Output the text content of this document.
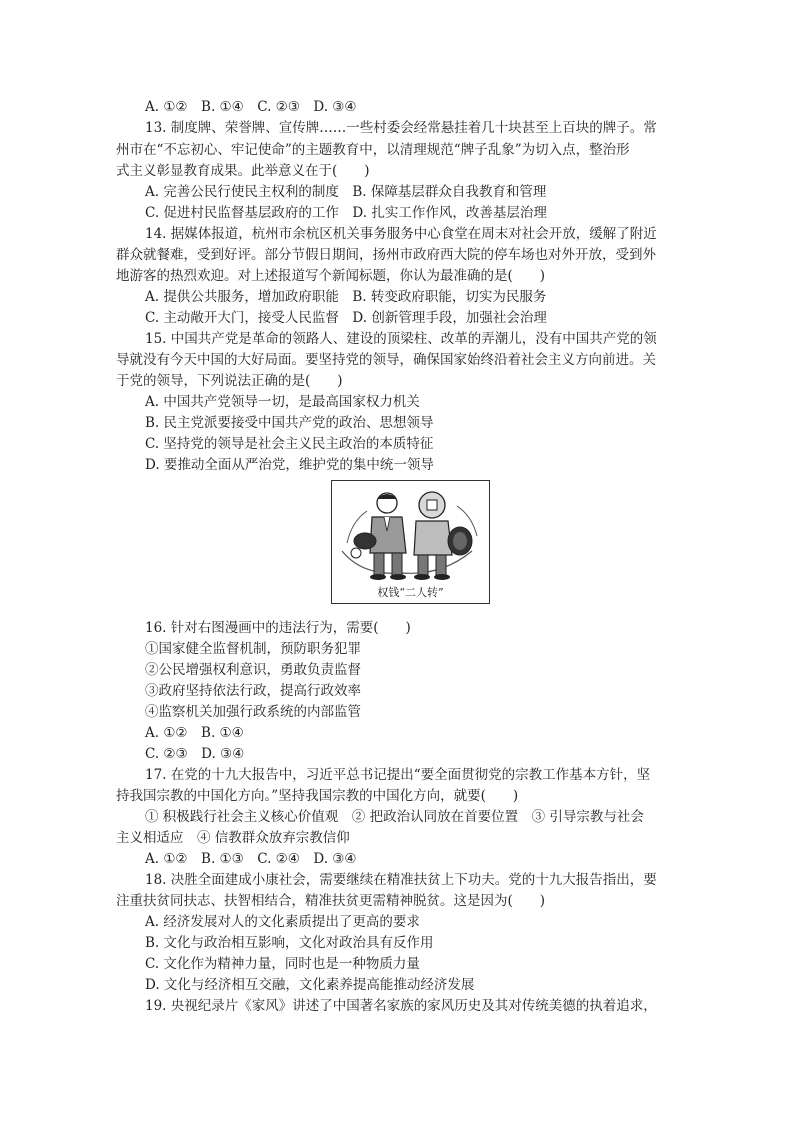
A. ①②　B. ①④　C. ②③　D. ③④
13. 制度牌、荣誉牌、宣传牌……一些村委会经常悬挂着几十块甚至上百块的牌子。常
州市在“不忘初心、牢记使命”的主题教育中，以清理规范“牌子乱象”为切入点，整治形
式主义彰显教育成果。此举意义在于(　　)
A. 完善公民行使民主权利的制度　B. 保障基层群众自我教育和管理
C. 促进村民监督基层政府的工作　D. 扎实工作作风，改善基层治理
14. 据媒体报道，杭州市余杭区机关事务服务中心食堂在周末对社会开放，缓解了附近
群众就餐难，受到好评。部分节假日期间，扬州市政府西大院的停车场也对外开放，受到外
地游客的热烈欢迎。对上述报道写个新闻标题，你认为最准确的是(　　)
A. 提供公共服务，增加政府职能　B. 转变政府职能，切实为民服务
C. 主动敞开大门，接受人民监督　D. 创新管理手段，加强社会治理
15. 中国共产党是革命的领路人、建设的顶梁柱、改革的弄潮儿，没有中国共产党的领
导就没有今天中国的大好局面。要坚持党的领导，确保国家始终沿着社会主义方向前进。关
于党的领导，下列说法正确的是(　　)
A. 中国共产党领导一切，是最高国家权力机关
B. 民主党派要接受中国共产党的政治、思想领导
C. 坚持党的领导是社会主义民主政治的本质特征
D. 要推动全面从严治党，维护党的集中统一领导
权钱“二人转”
16. 针对右图漫画中的违法行为，需要(　　)
①国家健全监督机制，预防职务犯罪
②公民增强权利意识，勇敢负责监督
③政府坚持依法行政，提高行政效率
④监察机关加强行政系统的内部监管
A. ①②　B. ①④
C. ②③　D. ③④
17. 在党的十九大报告中，习近平总书记提出“要全面贯彻党的宗教工作基本方针，坚
持我国宗教的中国化方向。”坚持我国宗教的中国化方向，就要(　　)
① 积极践行社会主义核心价值观　② 把政治认同放在首要位置　③ 引导宗教与社会
主义相适应　④ 信教群众放弃宗教信仰
A. ①②　B. ①③　C. ②④　D. ③④
18. 决胜全面建成小康社会，需要继续在精准扶贫上下功夫。党的十九大报告指出，要
注重扶贫同扶志、扶智相结合，精准扶贫更需精神脱贫。这是因为(　　)
A. 经济发展对人的文化素质提出了更高的要求
B. 文化与政治相互影响，文化对政治具有反作用
C. 文化作为精神力量，同时也是一种物质力量
D. 文化与经济相互交融，文化素养提高能推动经济发展
19. 央视纪录片《家风》讲述了中国著名家族的家风历史及其对传统美德的执着追求，
